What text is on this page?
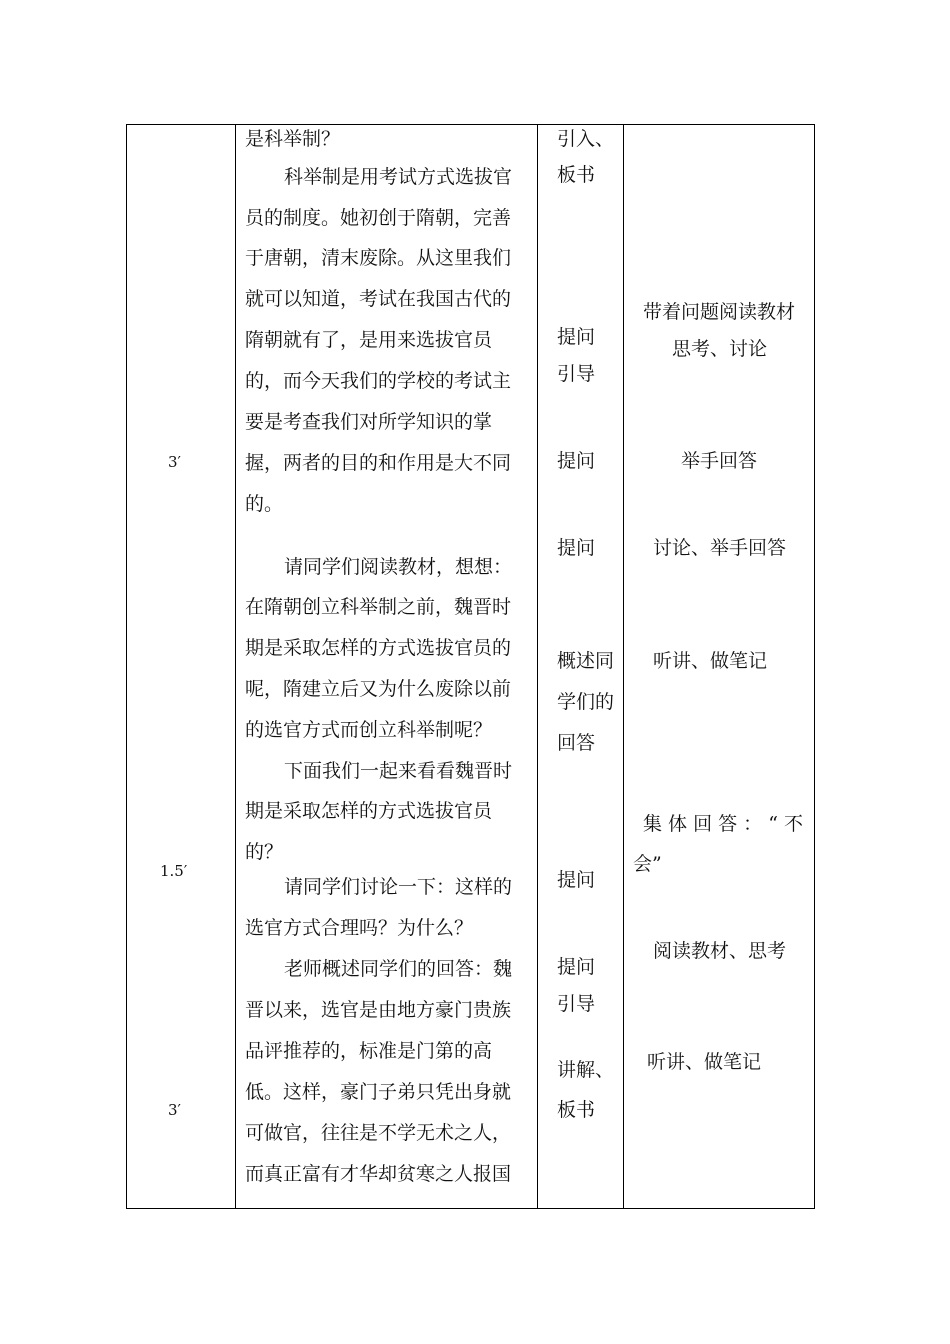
3′
1.5′
3′
是科举制？
科举制是用考试方式选拔官
员的制度。她初创于隋朝，完善
于唐朝，清末废除。从这里我们
就可以知道，考试在我国古代的
隋朝就有了，是用来选拔官员
的，而今天我们的学校的考试主
要是考查我们对所学知识的掌
握，两者的目的和作用是大不同
的。
请同学们阅读教材，想想：
在隋朝创立科举制之前，魏晋时
期是采取怎样的方式选拔官员的
呢，隋建立后又为什么废除以前
的选官方式而创立科举制呢？
下面我们一起来看看魏晋时
期是采取怎样的方式选拔官员
的？
请同学们讨论一下：这样的
选官方式合理吗？为什么？
老师概述同学们的回答：魏
晋以来，选官是由地方豪门贵族
品评推荐的，标准是门第的高
低。这样，豪门子弟只凭出身就
可做官，往往是不学无术之人，
而真正富有才华却贫寒之人报国
引入、
板书
提问
引导
提问
提问
概述同
学们的
回答
提问
提问
引导
讲解、
板书
带着问题阅读教材
思考、讨论
举手回答
讨论、举手回答
听讲、做笔记
集 体 回 答 ： “ 不
会”
阅读教材、思考
听讲、做笔记
